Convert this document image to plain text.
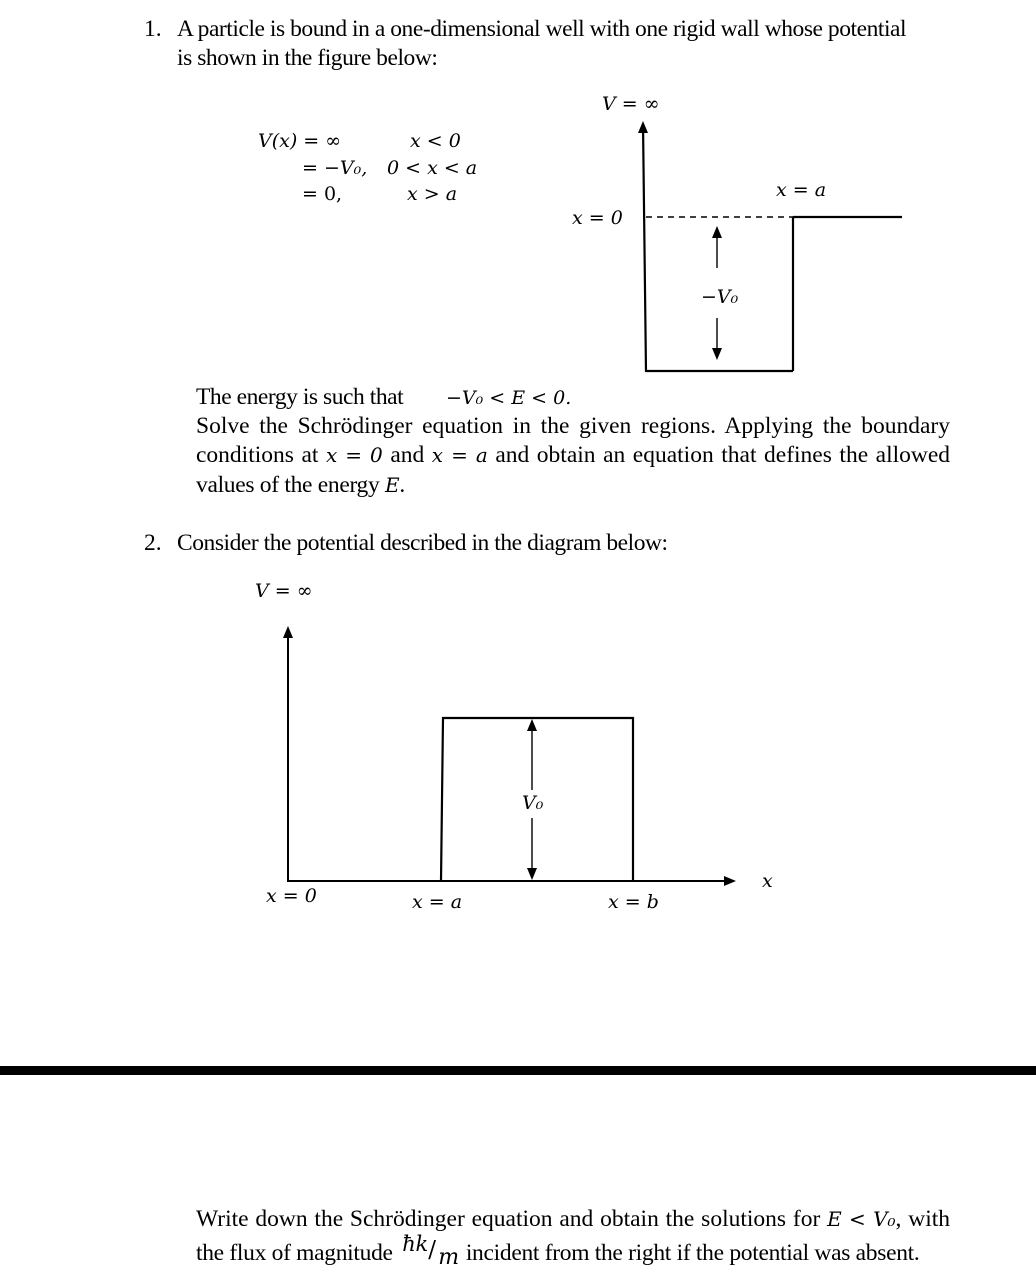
1. A particle is bound in a one-dimensional well with one rigid wall whose potential
is shown in the figure below:
V(x) = ∞	x < 0
= −V₀, 0 < x < a
= 0,	x > a
V = ∞
x = 0
x = a
−V₀
The energy is such that −V₀ < E < 0.
Solve the Schrödinger equation in the given regions. Applying the boundary
conditions at x = 0 and x = a and obtain an equation that defines the allowed
values of the energy E.
2. Consider the potential described in the diagram below:
V = ∞
V₀
x
x = 0	x = a	x = b
Write down the Schrödinger equation and obtain the solutions for E < V₀, with
the flux of magnitude ħk / m incident from the right if the potential was absent.
